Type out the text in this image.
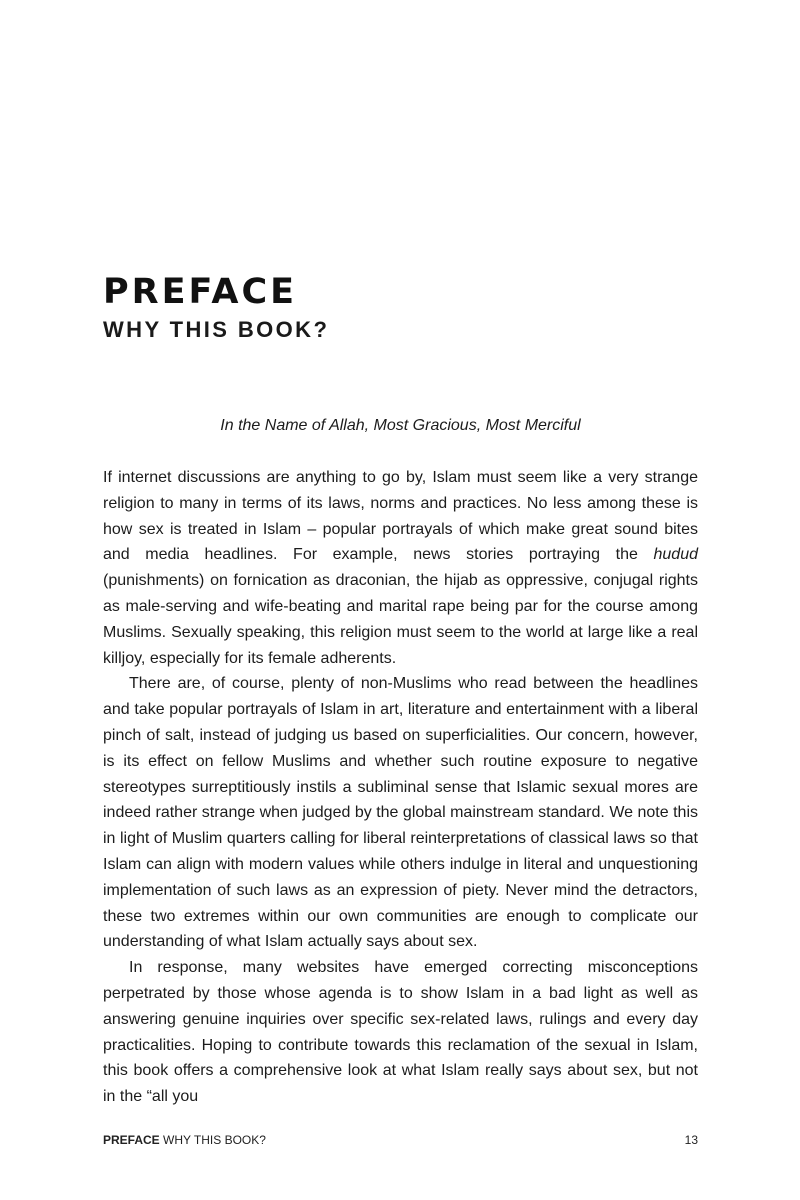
PREFACE
WHY THIS BOOK?
In the Name of Allah, Most Gracious, Most Merciful

If internet discussions are anything to go by, Islam must seem like a very strange religion to many in terms of its laws, norms and practices. No less among these is how sex is treated in Islam – popular portrayals of which make great sound bites and media headlines. For example, news stories portraying the hudud (punishments) on fornication as draconian, the hijab as oppressive, conjugal rights as male-serving and wife-beating and marital rape being par for the course among Muslims. Sexually speaking, this religion must seem to the world at large like a real killjoy, especially for its female adherents.

There are, of course, plenty of non-Muslims who read between the headlines and take popular portrayals of Islam in art, literature and entertainment with a liberal pinch of salt, instead of judging us based on superficialities. Our concern, however, is its effect on fellow Muslims and whether such routine exposure to negative stereotypes surreptitiously instils a subliminal sense that Islamic sexual mores are indeed rather strange when judged by the global mainstream standard. We note this in light of Muslim quarters calling for liberal reinterpretations of classical laws so that Islam can align with modern values while others indulge in literal and unquestioning implementation of such laws as an expression of piety. Never mind the detractors, these two extremes within our own communities are enough to complicate our understanding of what Islam actually says about sex.

In response, many websites have emerged correcting misconceptions perpetrated by those whose agenda is to show Islam in a bad light as well as answering genuine inquiries over specific sex-related laws, rulings and every day practicalities. Hoping to contribute towards this reclamation of the sexual in Islam, this book offers a comprehensive look at what Islam really says about sex, but not in the “all you

PREFACE WHY THIS BOOK?	13
